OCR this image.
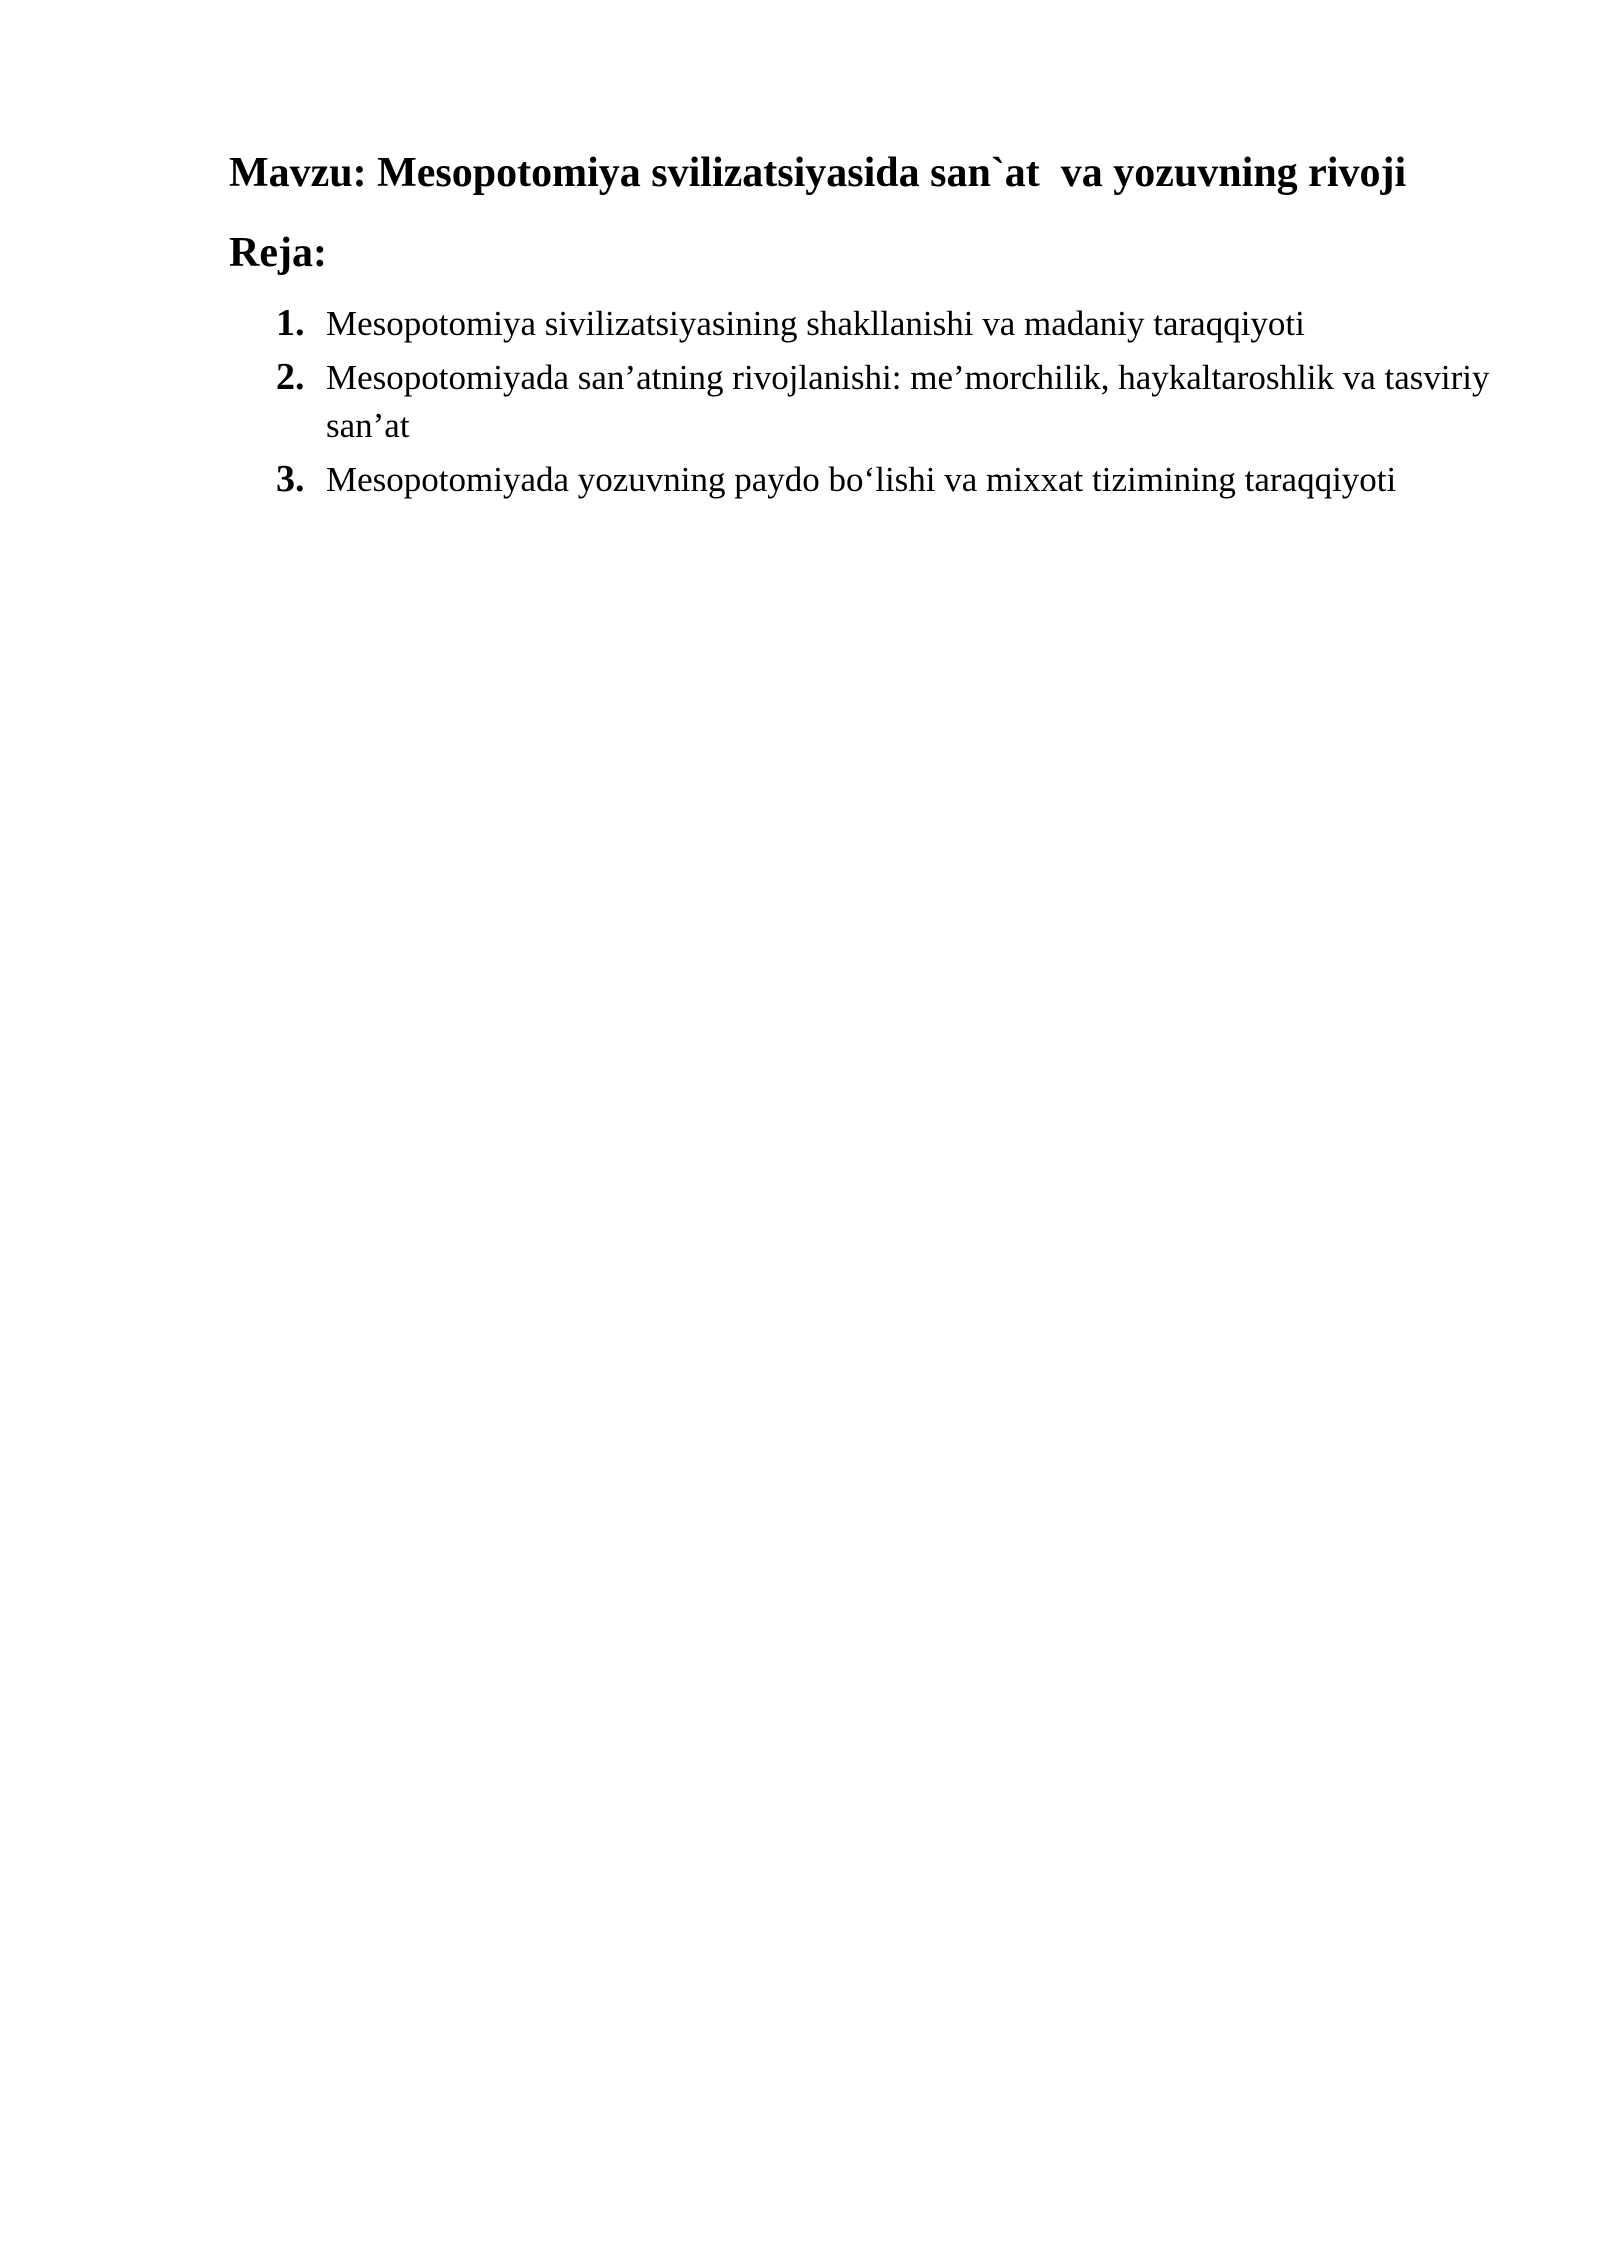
Mavzu: Mesopotomiya svilizatsiyasida san`at  va yozuvning rivoji
Reja:
1. Mesopotomiya sivilizatsiyasining shakllanishi va madaniy taraqqiyoti
2. Mesopotomiyada san’atning rivojlanishi: me’morchilik, haykaltaroshlik va tasviriy san’at
3. Mesopotomiyada yozuvning paydo bo‘lishi va mixxat tizimining taraqqiyoti
